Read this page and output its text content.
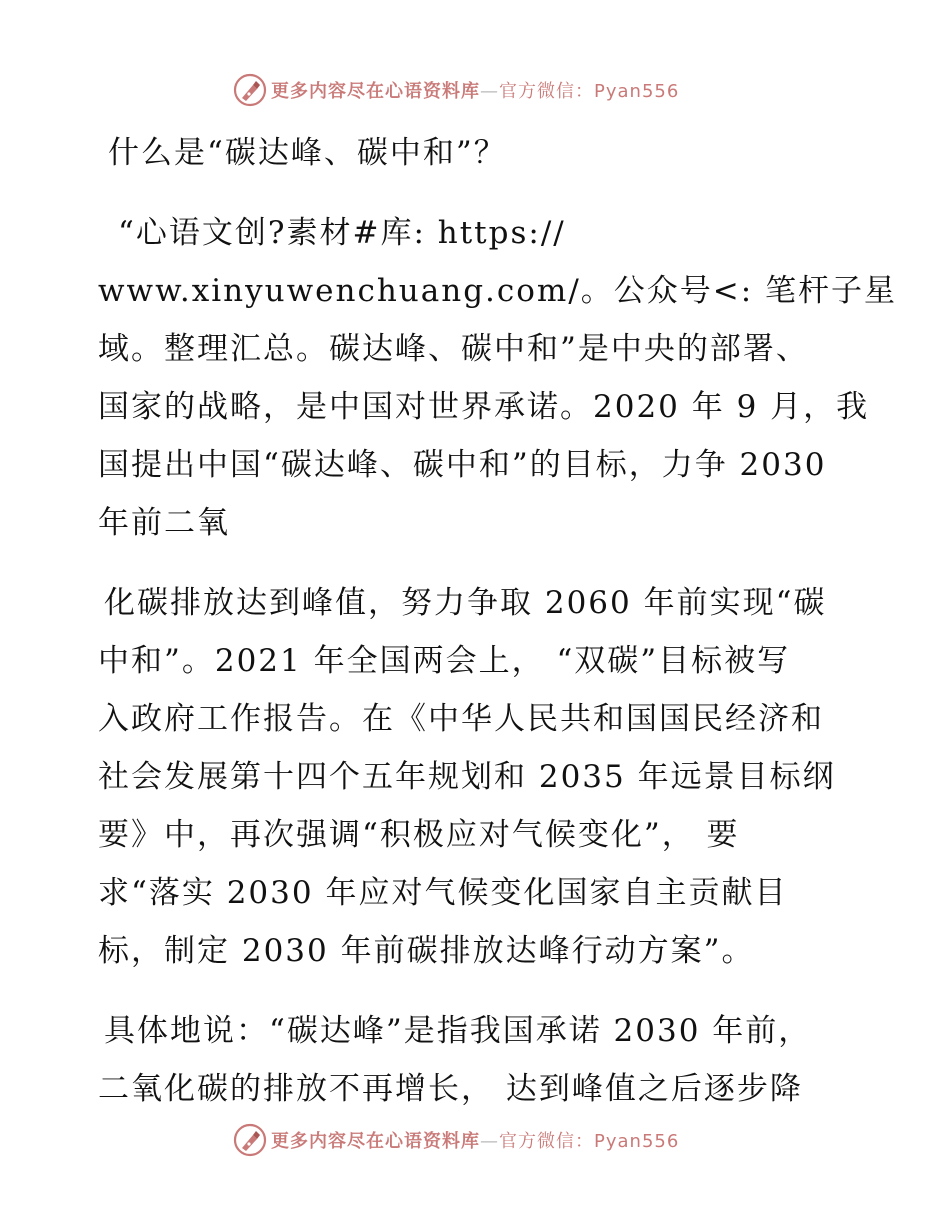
更多内容尽在心语资料库—官方微信：Pyan556

什么是“碳达峰、碳中和”？

“心语文创?素材#库: https://
www.xinyuwenchuang.com/。公众号<: 笔杆子星
域。整理汇总。碳达峰、碳中和”是中央的部署、
国家的战略，是中国对世界承诺。2020 年 9 月，我
国提出中国“碳达峰、碳中和”的目标，力争 2030
年前二氧

化碳排放达到峰值，努力争取 2060 年前实现“碳
中和”。2021 年全国两会上， “双碳”目标被写
入政府工作报告。在《中华人民共和国国民经济和
社会发展第十四个五年规划和 2035 年远景目标纲
要》中，再次强调“积极应对气候变化”， 要
求“落实 2030 年应对气候变化国家自主贡献目
标，制定 2030 年前碳排放达峰行动方案”。

具体地说：“碳达峰”是指我国承诺 2030 年前，
二氧化碳的排放不再增长， 达到峰值之后逐步降

更多内容尽在心语资料库—官方微信：Pyan556
